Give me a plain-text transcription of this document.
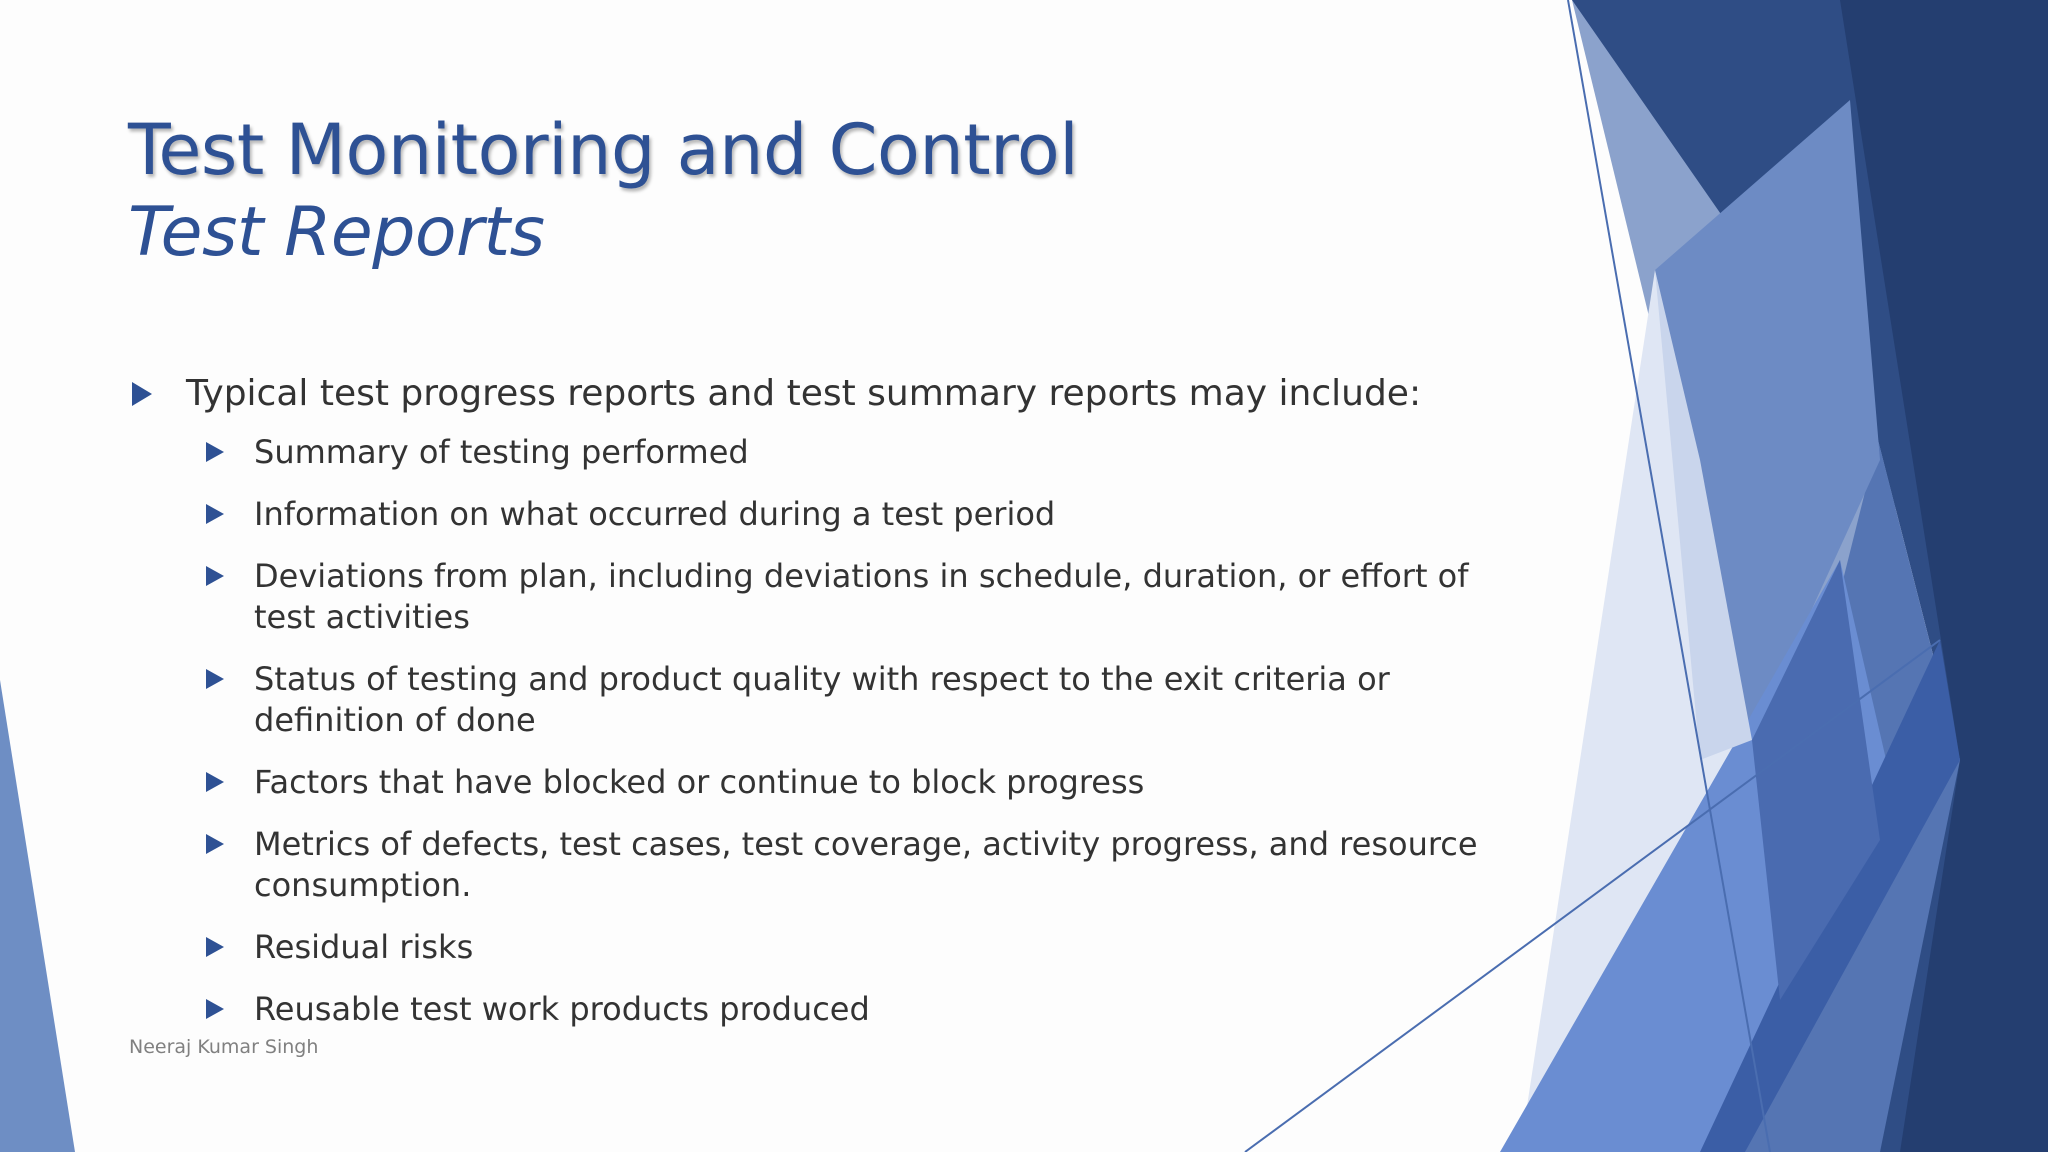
Test Monitoring and Control
Test Reports
Typical test progress reports and test summary reports may include:
Summary of testing performed
Information on what occurred during a test period
Deviations from plan, including deviations in schedule, duration, or effort of test activities
Status of testing and product quality with respect to the exit criteria or definition of done
Factors that have blocked or continue to block progress
Metrics of defects, test cases, test coverage, activity progress, and resource consumption.
Residual risks
Reusable test work products produced
Neeraj Kumar Singh
